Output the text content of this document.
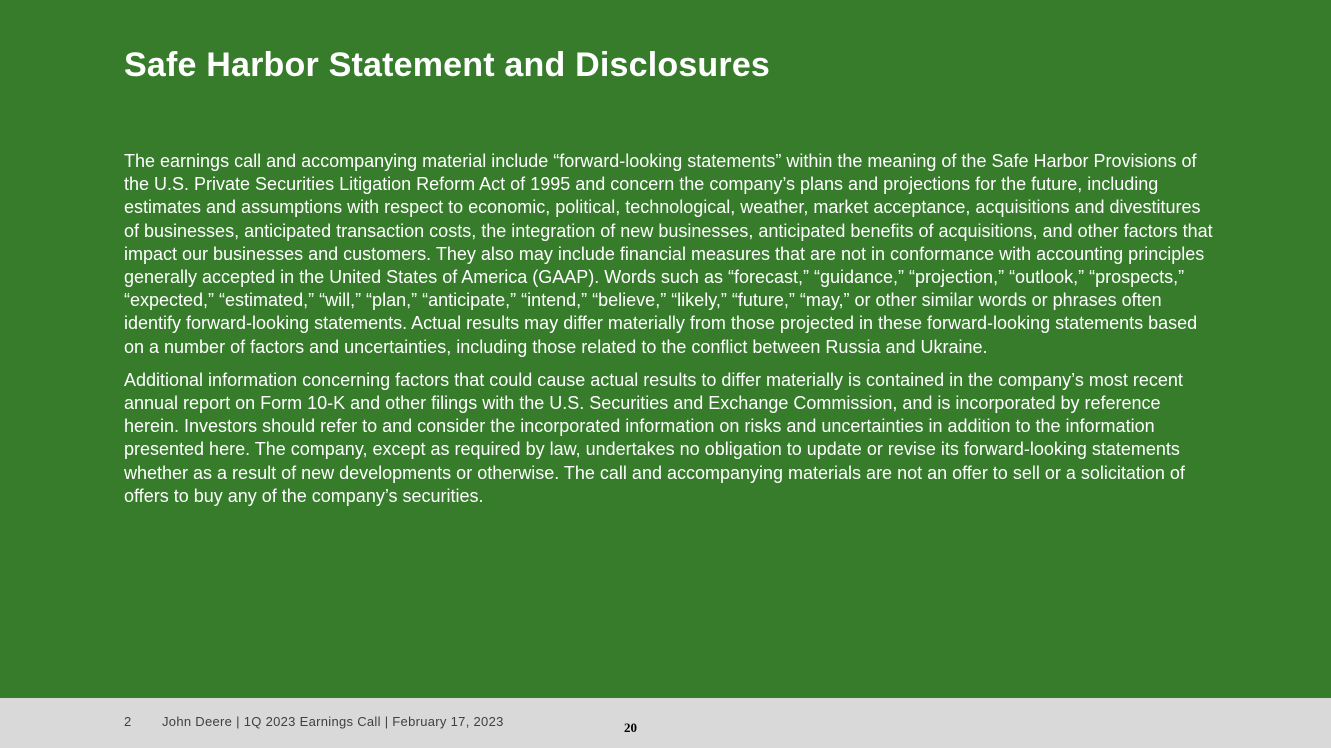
Safe Harbor Statement and Disclosures

The earnings call and accompanying material include “forward-looking statements” within the meaning of the Safe Harbor Provisions of the U.S. Private Securities Litigation Reform Act of 1995 and concern the company’s plans and projections for the future, including estimates and assumptions with respect to economic, political, technological, weather, market acceptance, acquisitions and divestitures of businesses, anticipated transaction costs, the integration of new businesses, anticipated benefits of acquisitions, and other factors that impact our businesses and customers. They also may include financial measures that are not in conformance with accounting principles generally accepted in the United States of America (GAAP). Words such as “forecast,” “guidance,” “projection,” “outlook,” “prospects,” “expected,” “estimated,” “will,” “plan,” “anticipate,” “intend,” “believe,” “likely,” “future,” “may,” or other similar words or phrases often identify forward-looking statements. Actual results may differ materially from those projected in these forward-looking statements based on a number of factors and uncertainties, including those related to the conflict between Russia and Ukraine.

Additional information concerning factors that could cause actual results to differ materially is contained in the company’s most recent annual report on Form 10-K and other filings with the U.S. Securities and Exchange Commission, and is incorporated by reference herein. Investors should refer to and consider the incorporated information on risks and uncertainties in addition to the information presented here. The company, except as required by law, undertakes no obligation to update or revise its forward-looking statements whether as a result of new developments or otherwise. The call and accompanying materials are not an offer to sell or a solicitation of offers to buy any of the company’s securities.

2 John Deere | 1Q 2023 Earnings Call | February 17, 2023	20
